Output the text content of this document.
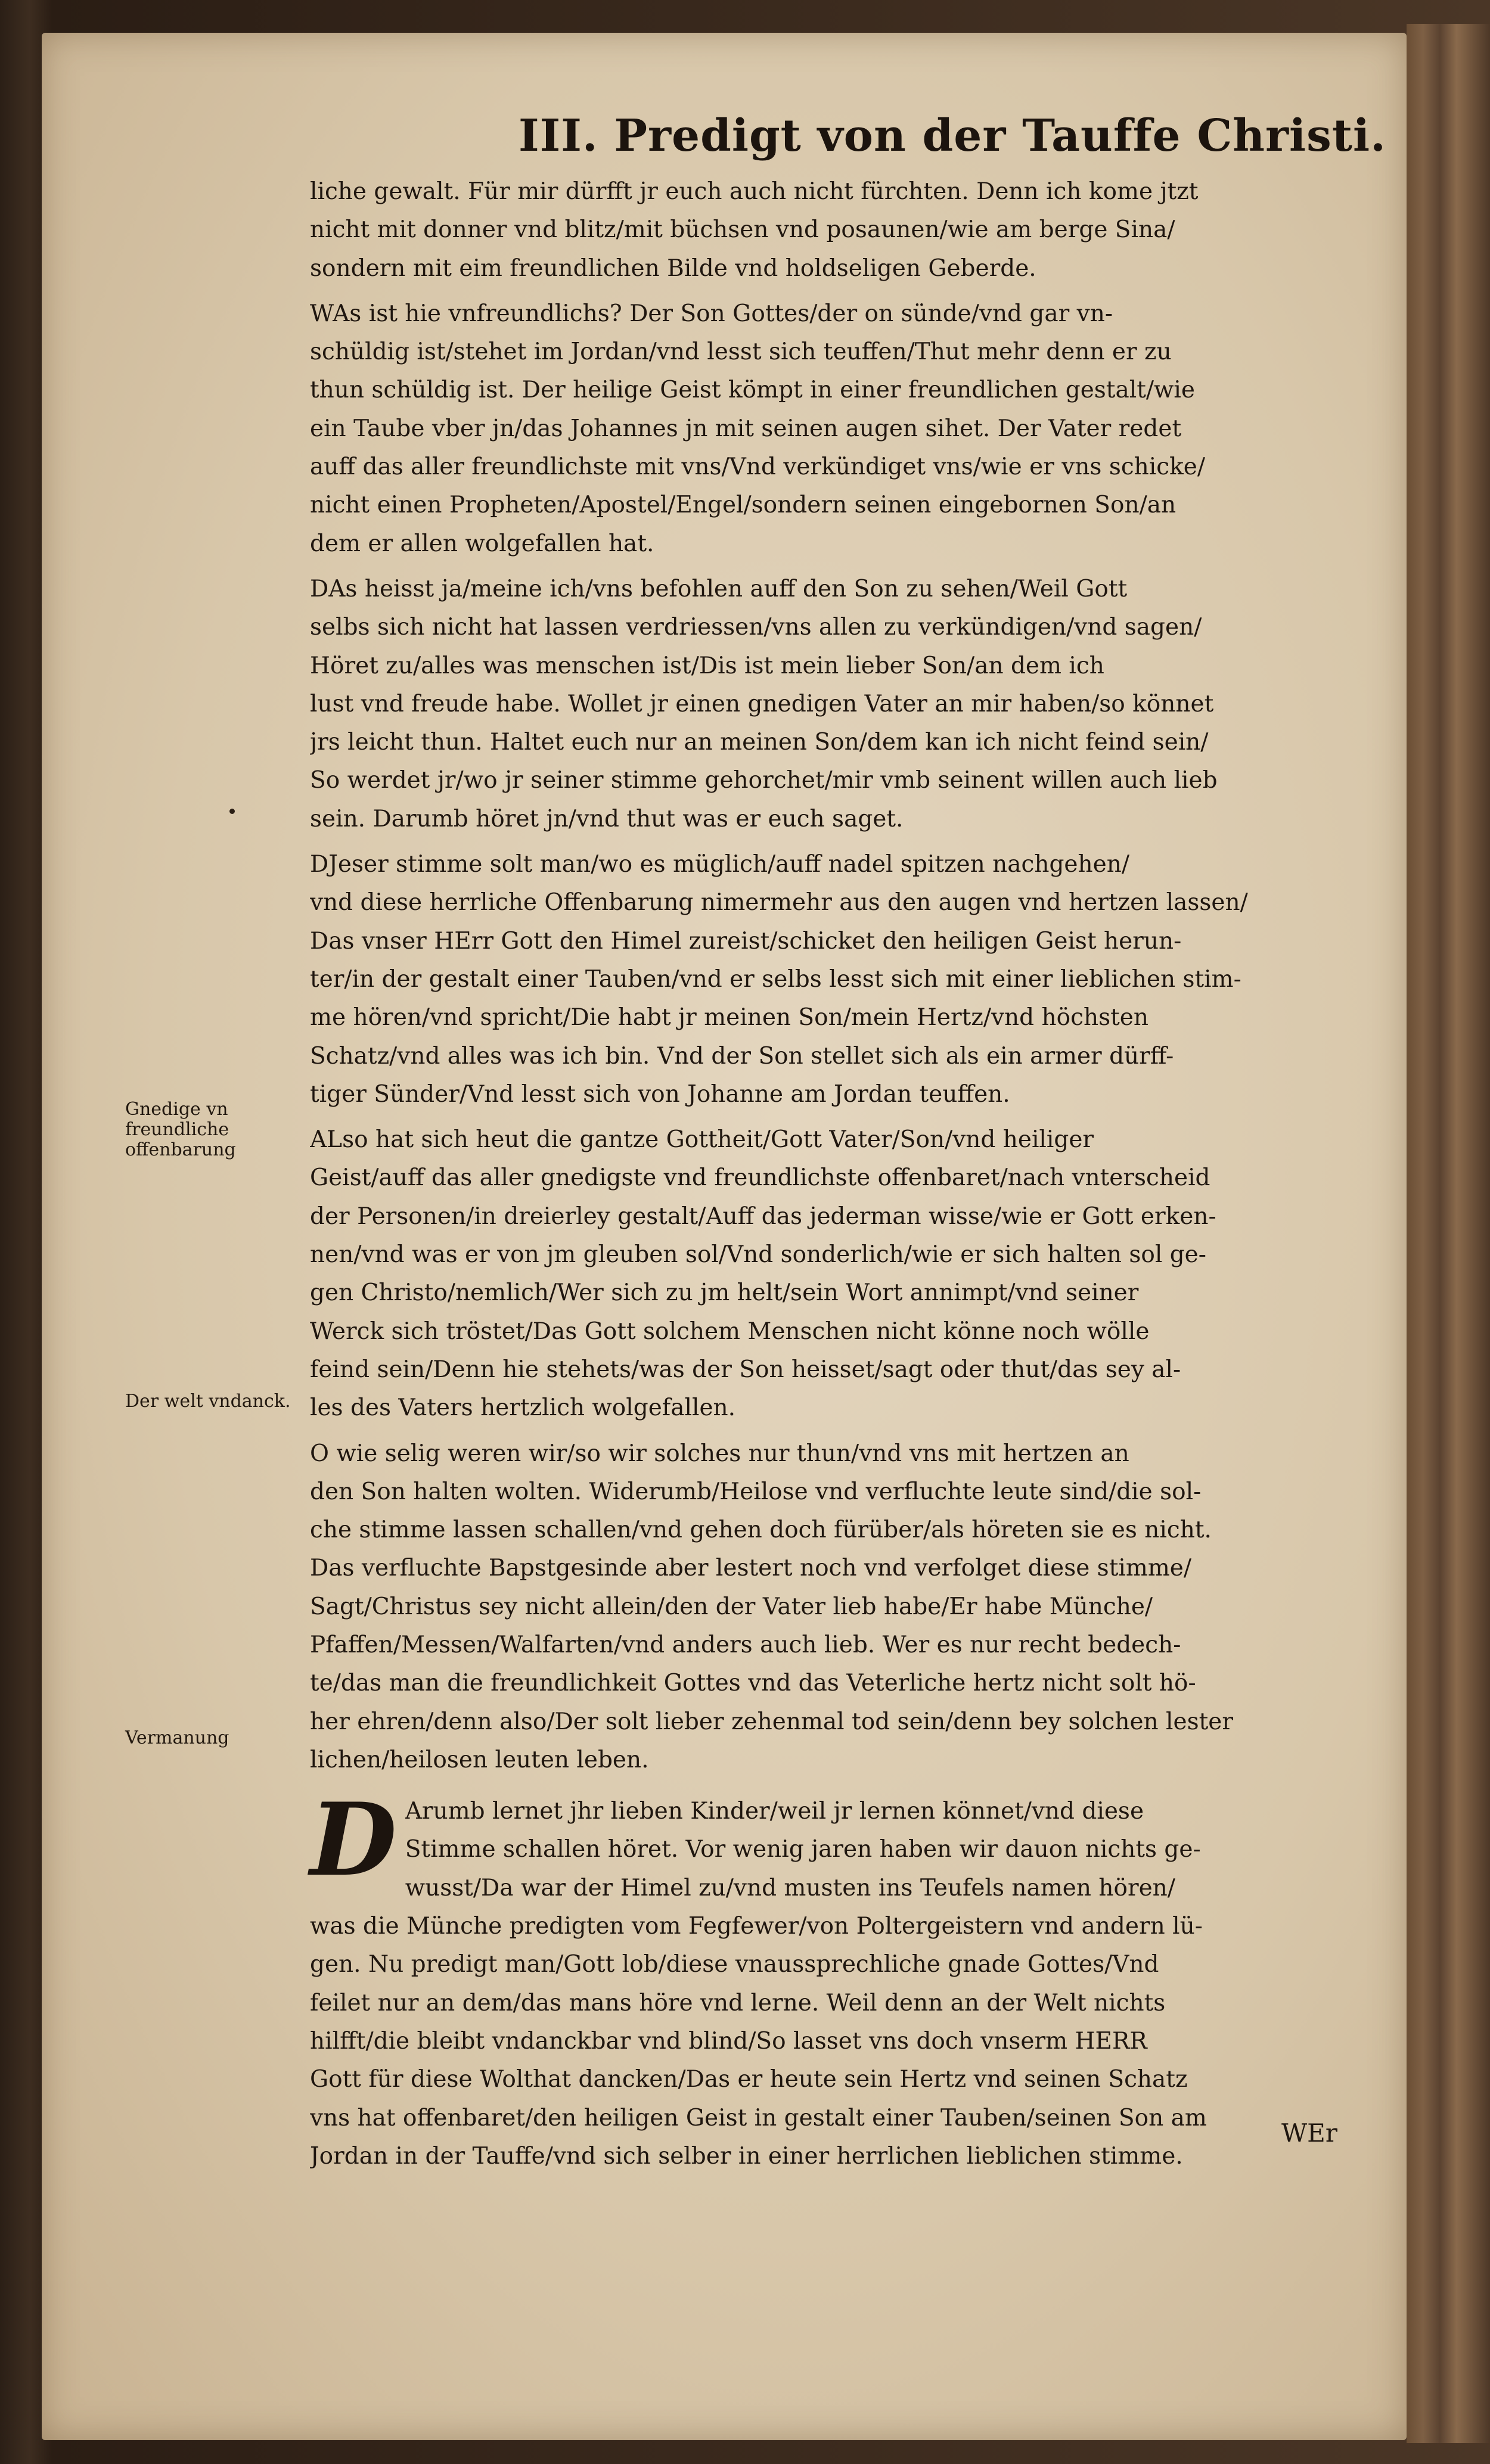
III. Predigt von der Tauffe Christi.
Gnedige vn freundliche offenbarung
Der welt vndanck.
Vermanung
liche gewalt. Für mir dürfft jr euch auch nicht fürchten. Denn ich kome jtzt
nicht mit donner vnd blitz/mit büchsen vnd posaunen/wie am berge Sina/
sondern mit eim freundlichen Bilde vnd holdseligen Geberde.
WAs ist hie vnfreundlichs? Der Son Gottes/der on sünde/vnd gar vn-
schüldig ist/stehet im Jordan/vnd lesst sich teuffen/Thut mehr denn er zu
thun schüldig ist. Der heilige Geist kömpt in einer freundlichen gestalt/wie
ein Taube vber jn/das Johannes jn mit seinen augen sihet. Der Vater redet
auff das aller freundlichste mit vns/Vnd verkündiget vns/wie er vns schicke/
nicht einen Propheten/Apostel/Engel/sondern seinen eingebornen Son/an
dem er allen wolgefallen hat.
DAs heisst ja/meine ich/vns befohlen auff den Son zu sehen/Weil Gott
selbs sich nicht hat lassen verdriessen/vns allen zu verkündigen/vnd sagen/
Höret zu/alles was menschen ist/Dis ist mein lieber Son/an dem ich
lust vnd freude habe. Wollet jr einen gnedigen Vater an mir haben/so könnet
jrs leicht thun. Haltet euch nur an meinen Son/dem kan ich nicht feind sein/
So werdet jr/wo jr seiner stimme gehorchet/mir vmb seinent willen auch lieb
sein. Darumb höret jn/vnd thut was er euch saget.
DJeser stimme solt man/wo es müglich/auff nadel spitzen nachgehen/
vnd diese herrliche Offenbarung nimermehr aus den augen vnd hertzen lassen/
Das vnser HErr Gott den Himel zureist/schicket den heiligen Geist herun-
ter/in der gestalt einer Tauben/vnd er selbs lesst sich mit einer lieblichen stim-
me hören/vnd spricht/Die habt jr meinen Son/mein Hertz/vnd höchsten
Schatz/vnd alles was ich bin. Vnd der Son stellet sich als ein armer dürff-
tiger Sünder/Vnd lesst sich von Johanne am Jordan teuffen.
ALso hat sich heut die gantze Gottheit/Gott Vater/Son/vnd heiliger
Geist/auff das aller gnedigste vnd freundlichste offenbaret/nach vnterscheid
der Personen/in dreierley gestalt/Auff das jederman wisse/wie er Gott erken-
nen/vnd was er von jm gleuben sol/Vnd sonderlich/wie er sich halten sol ge-
gen Christo/nemlich/Wer sich zu jm helt/sein Wort annimpt/vnd seiner
Werck sich tröstet/Das Gott solchem Menschen nicht könne noch wölle
feind sein/Denn hie stehets/was der Son heisset/sagt oder thut/das sey al-
les des Vaters hertzlich wolgefallen.
O wie selig weren wir/so wir solches nur thun/vnd vns mit hertzen an
den Son halten wolten. Widerumb/Heilose vnd verfluchte leute sind/die sol-
che stimme lassen schallen/vnd gehen doch fürüber/als höreten sie es nicht.
Das verfluchte Bapstgesinde aber lestert noch vnd verfolget diese stimme/
Sagt/Christus sey nicht allein/den der Vater lieb habe/Er habe Münche/
Pfaffen/Messen/Walfarten/vnd anders auch lieb. Wer es nur recht bedech-
te/das man die freundlichkeit Gottes vnd das Veterliche hertz nicht solt hö-
her ehren/denn also/Der solt lieber zehenmal tod sein/denn bey solchen lester
lichen/heilosen leuten leben.
D Arumb lernet jhr lieben Kinder/weil jr lernen könnet/vnd diese
Stimme schallen höret. Vor wenig jaren haben wir dauon nichts ge-
wusst/Da war der Himel zu/vnd musten ins Teufels namen hören/
was die Münche predigten vom Fegfewer/von Poltergeistern vnd andern lü-
gen. Nu predigt man/Gott lob/diese vnaussprechliche gnade Gottes/Vnd
feilet nur an dem/das mans höre vnd lerne. Weil denn an der Welt nichts
hilfft/die bleibt vndanckbar vnd blind/So lasset vns doch vnserm HERR
Gott für diese Wolthat dancken/Das er heute sein Hertz vnd seinen Schatz
vns hat offenbaret/den heiligen Geist in gestalt einer Tauben/seinen Son am
Jordan in der Tauffe/vnd sich selber in einer herrlichen lieblichen stimme.
WEr
